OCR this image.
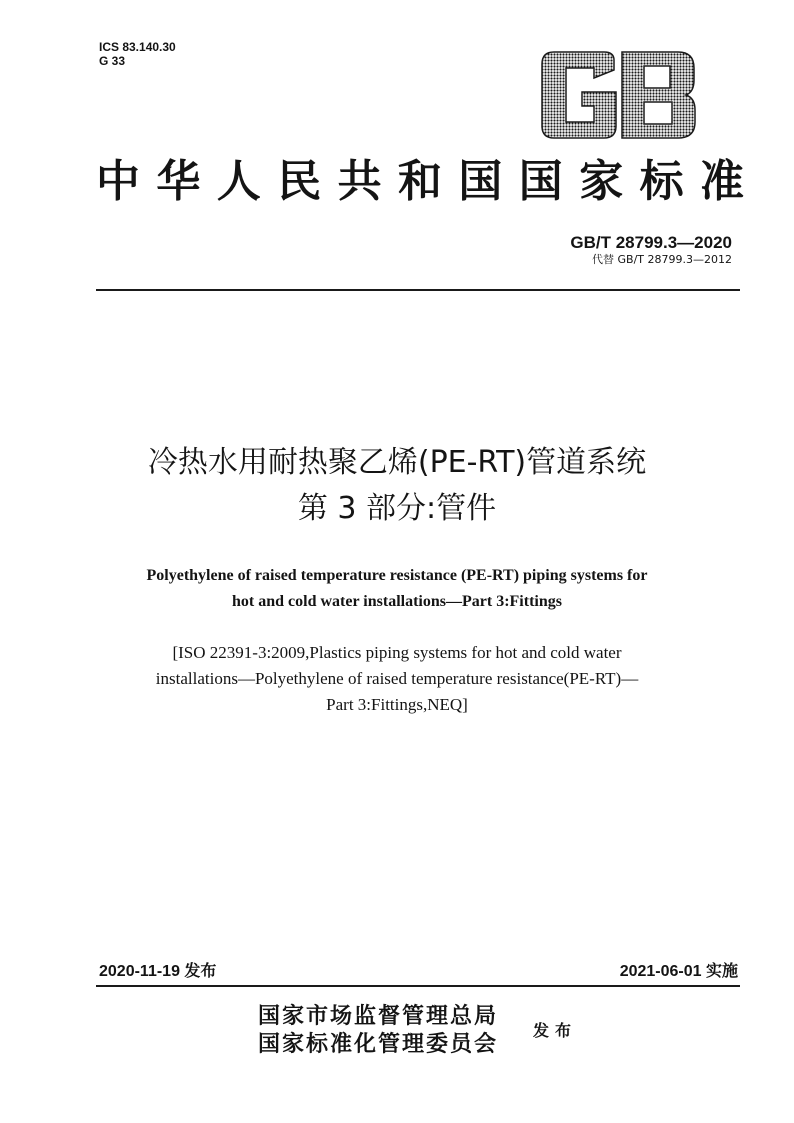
ICS 83.140.30
G 33
中华人民共和国国家标准
GB/T 28799.3—2020
代替 GB/T 28799.3—2012
冷热水用耐热聚乙烯(PE-RT)管道系统
第 3 部分:管件
Polyethylene of raised temperature resistance (PE-RT) piping systems for
hot and cold water installations—Part 3:Fittings
[ISO 22391-3:2009,Plastics piping systems for hot and cold water
installations—Polyethylene of raised temperature resistance(PE-RT)—
Part 3:Fittings,NEQ]
2020-11-19 发布	2021-06-01 实施
国家市场监督管理总局
国家标准化管理委员会
发布
